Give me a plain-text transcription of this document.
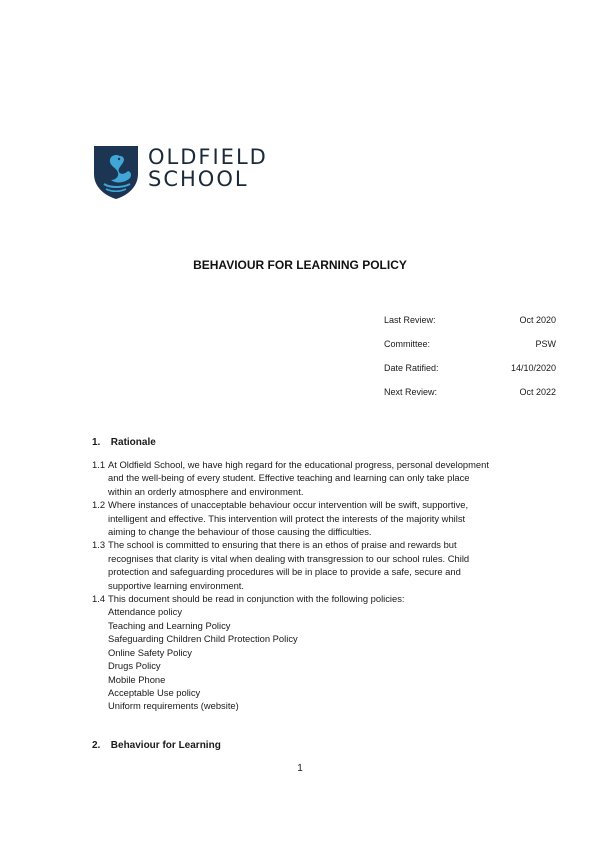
OLDFIELD
SCHOOL
BEHAVIOUR FOR LEARNING POLICY
Last Review:	Oct 2020
Committee:	PSW
Date Ratified:	14/10/2020
Next Review:	Oct 2022
1. Rationale
1.1 At Oldfield School, we have high regard for the educational progress, personal development
and the well-being of every student. Effective teaching and learning can only take place
within an orderly atmosphere and environment.
1.2 Where instances of unacceptable behaviour occur intervention will be swift, supportive,
intelligent and effective. This intervention will protect the interests of the majority whilst
aiming to change the behaviour of those causing the difficulties.
1.3 The school is committed to ensuring that there is an ethos of praise and rewards but
recognises that clarity is vital when dealing with transgression to our school rules. Child
protection and safeguarding procedures will be in place to provide a safe, secure and
supportive learning environment.
1.4 This document should be read in conjunction with the following policies:
Attendance policy
Teaching and Learning Policy
Safeguarding Children Child Protection Policy
Online Safety Policy
Drugs Policy
Mobile Phone
Acceptable Use policy
Uniform requirements (website)
2. Behaviour for Learning
1
